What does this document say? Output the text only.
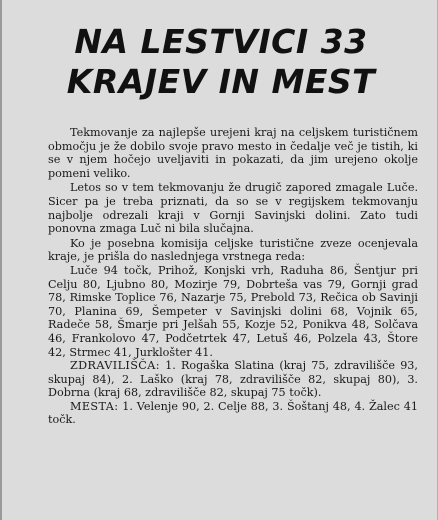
NA LESTVICI 33
KRAJEV IN MEST

Tekmovanje za najlepše urejeni kraj na celjskem turističnem območju je že dobilo svoje pravo mesto in čedalje več je tistih, ki se v njem hočejo uveljaviti in pokazati, da jim urejeno okolje pomeni veliko.

Letos so v tem tekmovanju že drugič zapored zmagale Luče. Sicer pa je treba priznati, da so se v regijskem tekmovanju najbolje odrezali kraji v Gornji Savinjski dolini. Zato tudi ponovna zmaga Luč ni bila slučajna.

Ko je posebna komisija celjske turistične zveze ocenjevala kraje, je prišla do naslednjega vrstnega reda:

Luče 94 točk, Prihož, Konjski vrh, Raduha 86, Šentjur pri Celju 80, Ljubno 80, Mozirje 79, Dobrteša vas 79, Gornji grad 78, Rimske Toplice 76, Nazarje 75, Prebold 73, Rečica ob Savinji 70, Planina 69, Šempeter v Savinjski dolini 68, Vojnik 65, Radeče 58, Šmarje pri Jelšah 55, Kozje 52, Ponikva 48, Solčava 46, Frankolovo 47, Podčetrtek 47, Letuš 46, Polzela 43, Štore 42, Strmec 41, Jurklošter 41.

ZDRAVILIŠČA: 1. Rogaška Slatina (kraj 75, zdravilišče 93, skupaj 84), 2. Laško (kraj 78, zdravilišče 82, skupaj 80), 3. Dobrna (kraj 68, zdravilišče 82, skupaj 75 točk).

MESTA: 1. Velenje 90, 2. Celje 88, 3. Šoštanj 48, 4. Žalec 41 točk.
